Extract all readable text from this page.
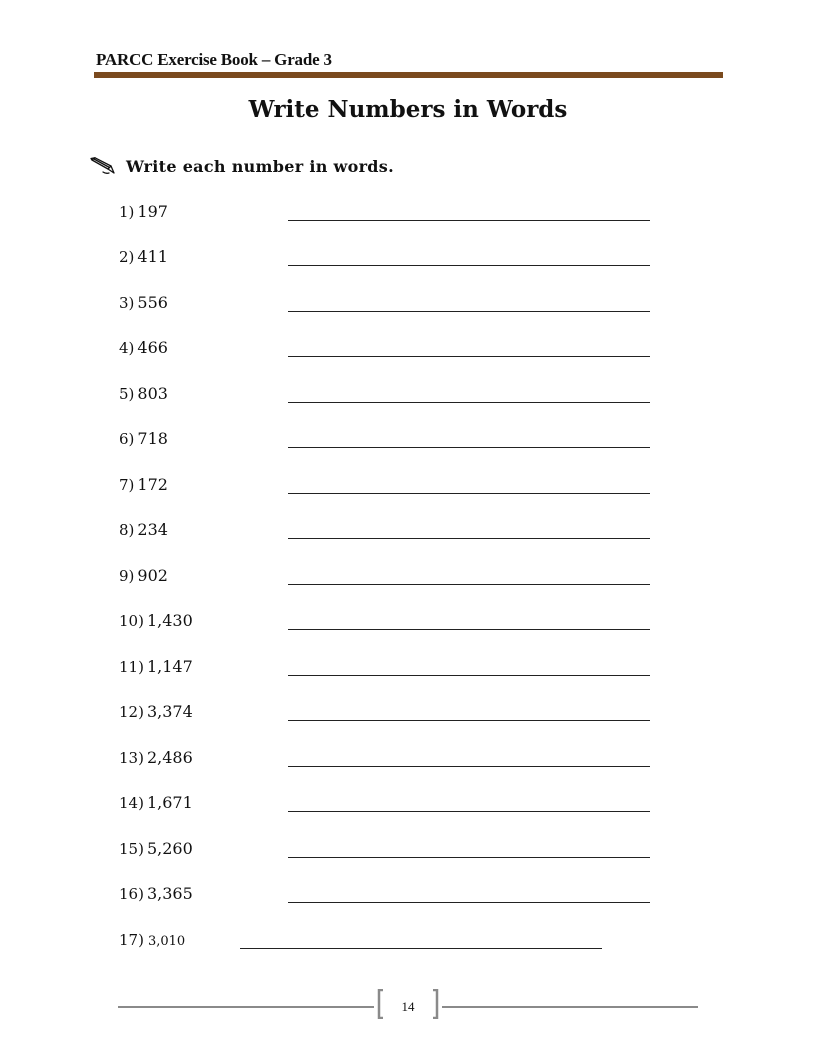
PARCC Exercise Book – Grade 3
Write Numbers in Words
Write each number in words.
1) 197
2) 411
3) 556
4) 466
5) 803
6) 718
7) 172
8) 234
9) 902
10) 1,430
11) 1,147
12) 3,374
13) 2,486
14) 1,671
15) 5,260
16) 3,365
17) 3,010
14
